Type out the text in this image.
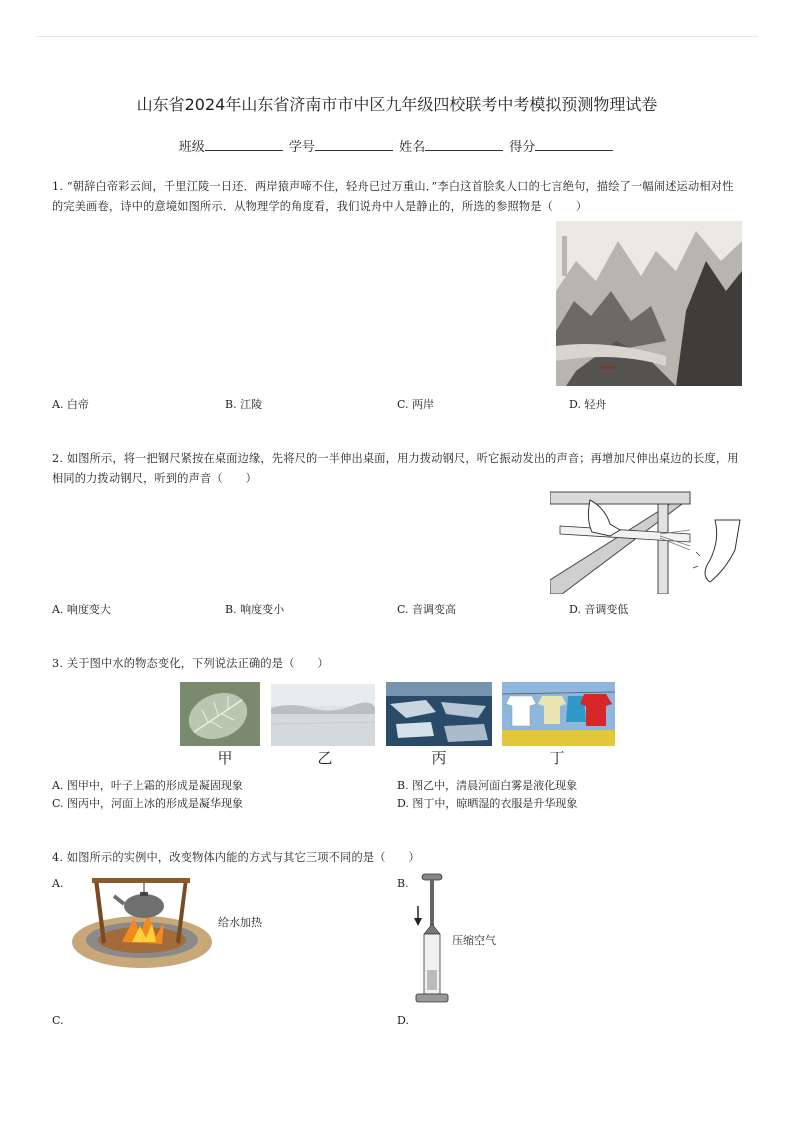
山东省2024年山东省济南市市中区九年级四校联考中考模拟预测物理试卷
班级	学号	姓名	得分
1. “朝辞白帝彩云间，千里江陵一日还．两岸猿声啼不住，轻舟已过万重山．”李白这首脍炙人口的七言绝句，描绘了一幅闹述运动相对性的完美画卷，诗中的意境如图所示．从物理学的角度看，我们说舟中人是静止的，所选的参照物是（　　）
A. 白帝	B. 江陵	C. 两岸	D. 轻舟
2. 如图所示，将一把钢尺紧按在桌面边缘，先将尺的一半伸出桌面，用力拨动钢尺，听它振动发出的声音；再增加尺伸出桌边的长度，用相同的力拨动钢尺，听到的声音（　　）
A. 响度变大	B. 响度变小	C. 音调变高	D. 音调变低
3. 关于图中水的物态变化，下列说法正确的是（　　）
甲	乙	丙	丁
A. 图甲中，叶子上霜的形成是凝固现象	B. 图乙中，清晨河面白雾是液化现象
C. 图丙中，河面上冰的形成是凝华现象	D. 图丁中，晾晒湿的衣服是升华现象
4. 如图所示的实例中，改变物体内能的方式与其它三项不同的是（　　）
A.
给水加热
B.
压缩空气
C.	D.
